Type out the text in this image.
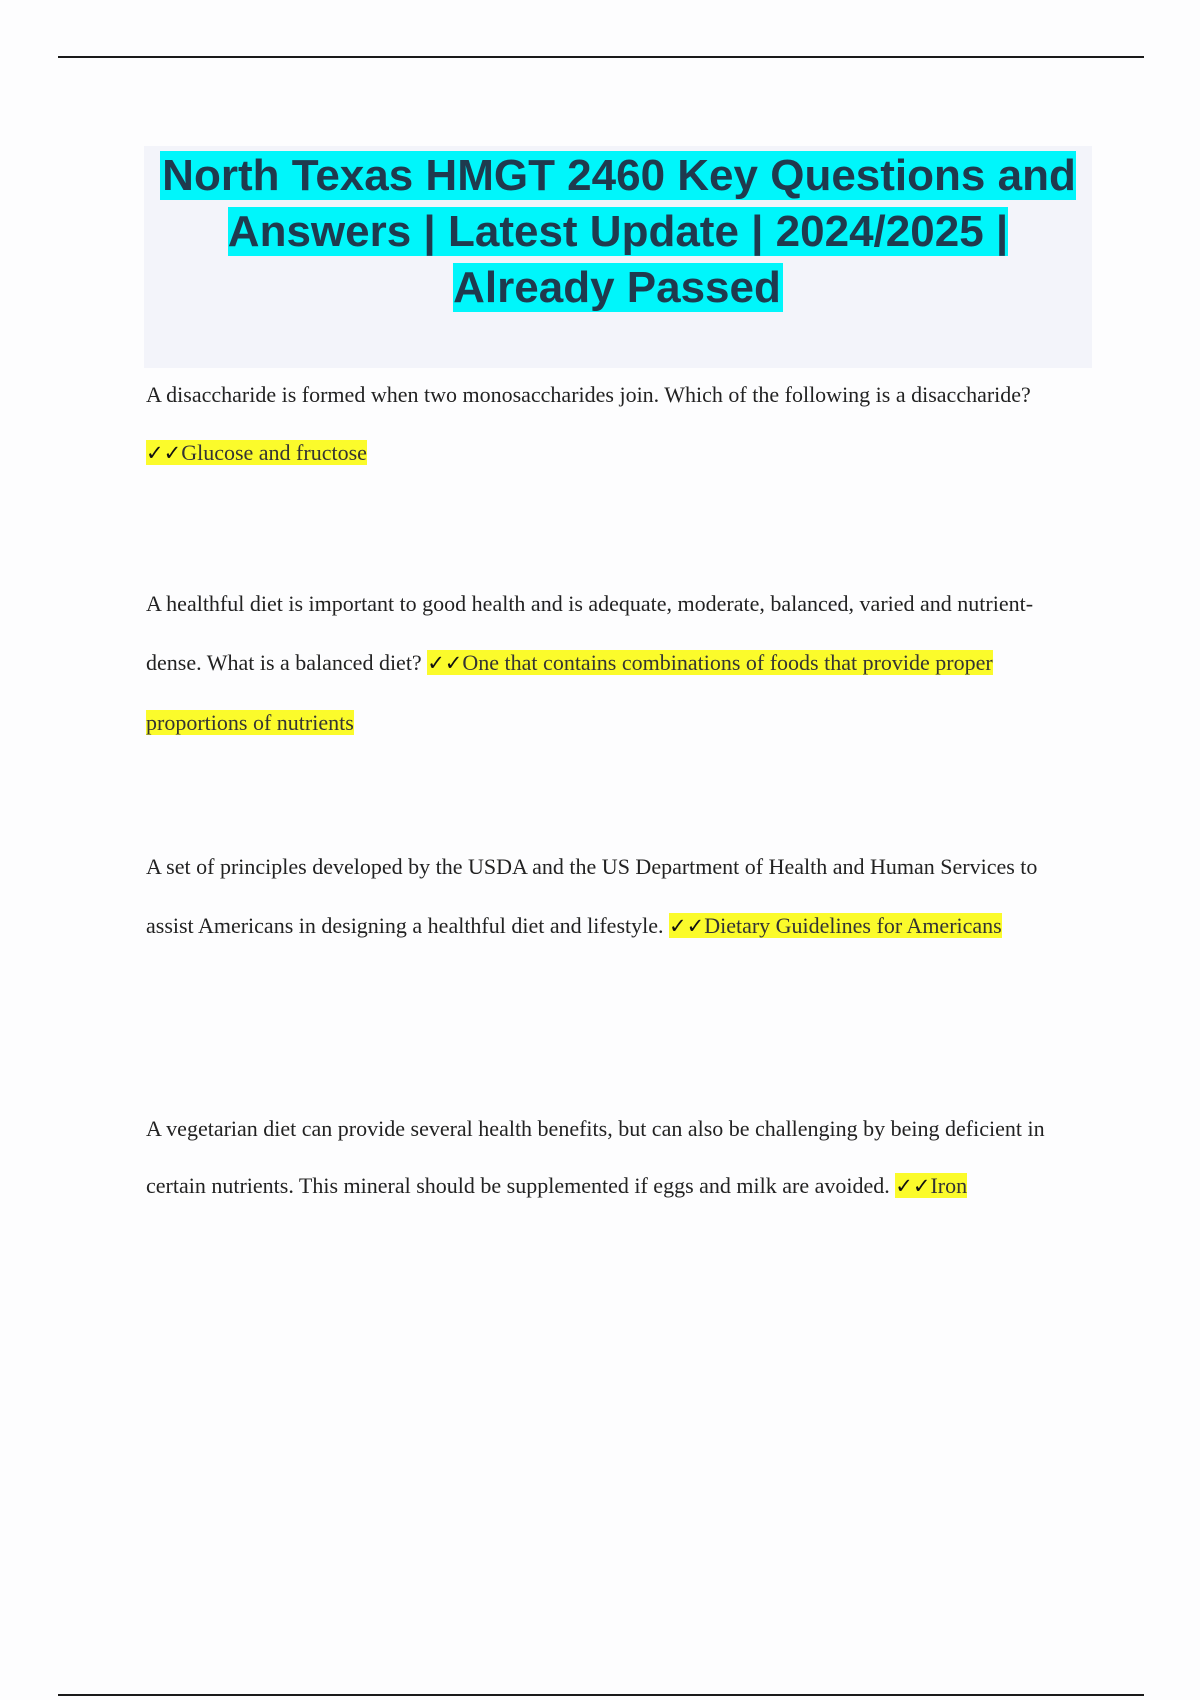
North Texas HMGT 2460 Key Questions and Answers | Latest Update | 2024/2025 | Already Passed

A disaccharide is formed when two monosaccharides join. Which of the following is a disaccharide? ✓✓Glucose and fructose

A healthful diet is important to good health and is adequate, moderate, balanced, varied and nutrient-dense. What is a balanced diet? ✓✓One that contains combinations of foods that provide proper proportions of nutrients

A set of principles developed by the USDA and the US Department of Health and Human Services to assist Americans in designing a healthful diet and lifestyle. ✓✓Dietary Guidelines for Americans

A vegetarian diet can provide several health benefits, but can also be challenging by being deficient in certain nutrients. This mineral should be supplemented if eggs and milk are avoided. ✓✓Iron
